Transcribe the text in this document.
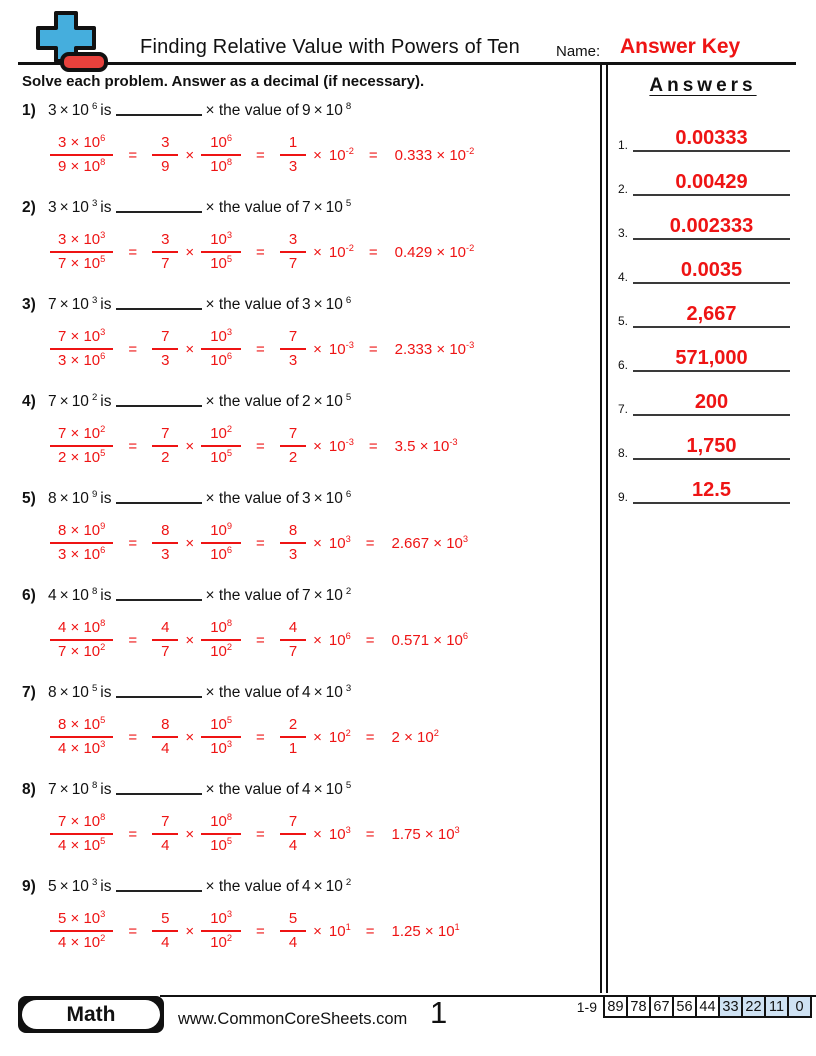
Finding Relative Value with Powers of Ten Name: Answer Key
Solve each problem. Answer as a decimal (if necessary).
1) 3 × 10 $^6$ is	× the value of 9 × 10 $^8$
$\frac{3 \times 10^6}{9 \times 10^8} = \frac{3}{9} \times \frac{10^6}{10^8} = \frac{1}{3} \times 10^{-2} = 0.333 \times 10^{-2}$
2) 3 × 10 $^3$ is	× the value of 7 × 10 $^5$
$\frac{3 \times 10^3}{7 \times 10^5} = \frac{3}{7} \times \frac{10^3}{10^5} = \frac{3}{7} \times 10^{-2} = 0.429 \times 10^{-2}$
3) 7 × 10 $^3$ is	× the value of 3 × 10 $^6$
$\frac{7 \times 10^3}{3 \times 10^6} = \frac{7}{3} \times \frac{10^3}{10^6} = \frac{7}{3} \times 10^{-3} = 2.333 \times 10^{-3}$
4) 7 × 10 $^2$ is	× the value of 2 × 10 $^5$
$\frac{7 \times 10^2}{2 \times 10^5} = \frac{7}{2} \times \frac{10^2}{10^5} = \frac{7}{2} \times 10^{-3} = 3.5 \times 10^{-3}$
5) 8 × 10 $^9$ is	× the value of 3 × 10 $^6$
$\frac{8 \times 10^9}{3 \times 10^6} = \frac{8}{3} \times \frac{10^9}{10^6} = \frac{8}{3} \times 10^3 = 2.667 \times 10^3$
6) 4 × 10 $^8$ is	× the value of 7 × 10 $^2$
$\frac{4 \times 10^8}{7 \times 10^2} = \frac{4}{7} \times \frac{10^8}{10^2} = \frac{4}{7} \times 10^6 = 0.571 \times 10^6$
7) 8 × 10 $^5$ is	× the value of 4 × 10 $^3$
$\frac{8 \times 10^5}{4 \times 10^3} = \frac{8}{4} \times \frac{10^5}{10^3} = \frac{2}{1} \times 10^2 = 2 \times 10^2$
8) 7 × 10 $^8$ is	× the value of 4 × 10 $^5$
$\frac{7 \times 10^8}{4 \times 10^5} = \frac{7}{4} \times \frac{10^8}{10^5} = \frac{7}{4} \times 10^3 = 1.75 \times 10^3$
9) 5 × 10 $^3$ is	× the value of 4 × 10 $^2$
$\frac{5 \times 10^3}{4 \times 10^2} = \frac{5}{4} \times \frac{10^3}{10^2} = \frac{5}{4} \times 10^1 = 1.25 \times 10^1$
Answers
1.	0.00333
2.	0.00429
3.	0.002333
4.	0.0035
5.	2,667
6.	571,000
7.	200
8.	1,750
9.	12.5
Math	www.CommonCoreSheets.com 1	1-9 89 78 67 56 44 33 22 11 0
